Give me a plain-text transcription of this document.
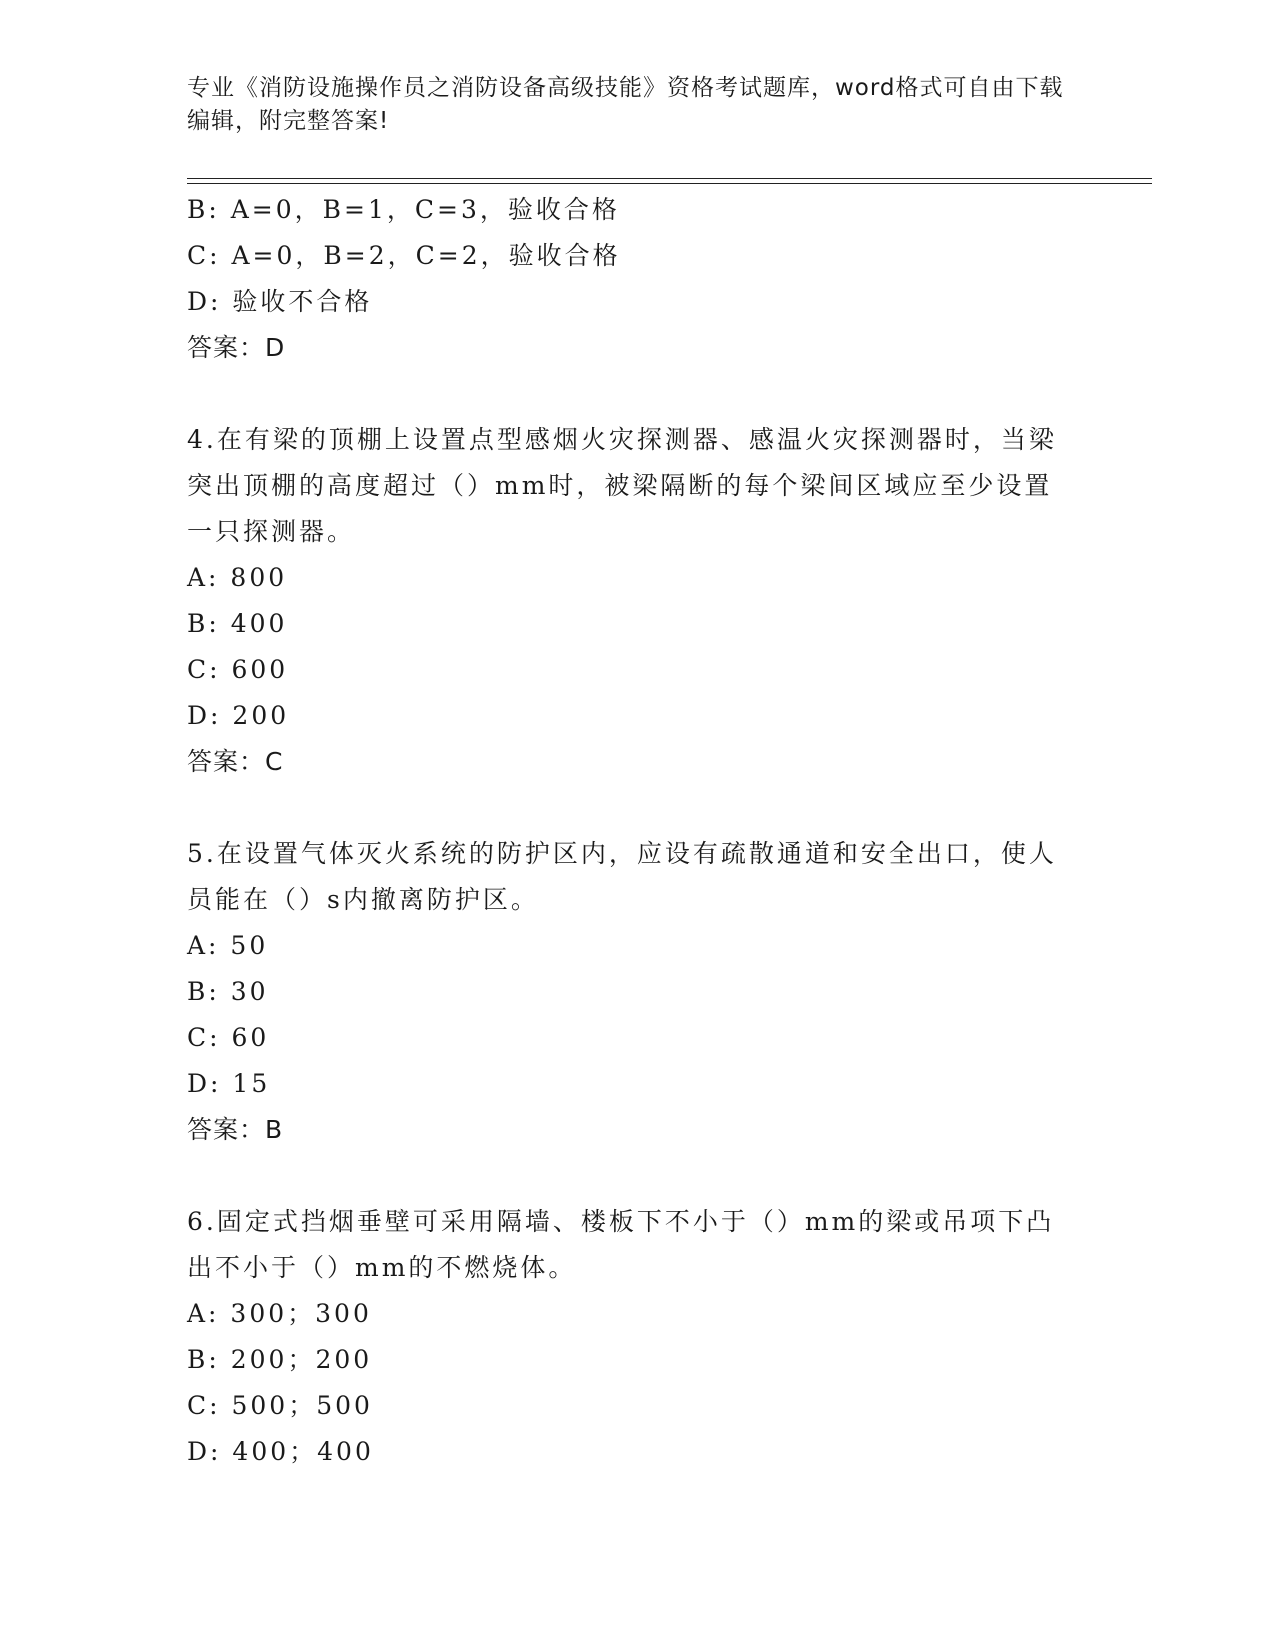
专业《消防设施操作员之消防设备高级技能》资格考试题库，word格式可自由下载编辑，附完整答案!
B: A=0，B=1，C=3，验收合格
C: A=0，B=2，C=2，验收合格
D: 验收不合格
答案：D
4.在有梁的顶棚上设置点型感烟火灾探测器、感温火灾探测器时，当梁突出顶棚的高度超过（）mm时，被梁隔断的每个梁间区域应至少设置一只探测器。
A: 800
B: 400
C: 600
D: 200
答案：C
5.在设置气体灭火系统的防护区内，应设有疏散通道和安全出口，使人员能在（）s内撤离防护区。
A: 50
B: 30
C: 60
D: 15
答案：B
6.固定式挡烟垂壁可采用隔墙、楼板下不小于（）mm的梁或吊项下凸出不小于（）mm的不燃烧体。
A: 300；300
B: 200；200
C: 500；500
D: 400；400
